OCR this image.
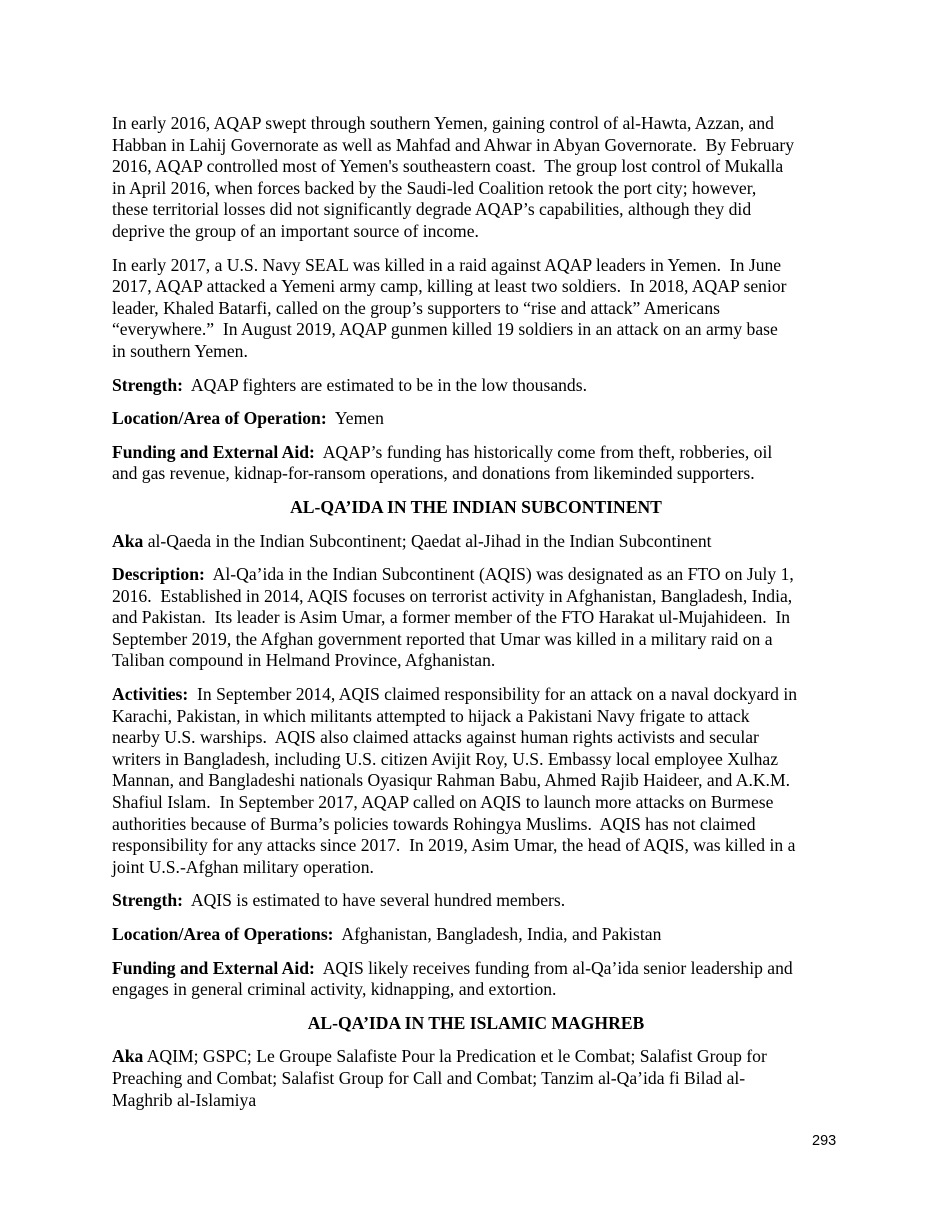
In early 2016, AQAP swept through southern Yemen, gaining control of al-Hawta, Azzan, and
Habban in Lahij Governorate as well as Mahfad and Ahwar in Abyan Governorate.  By February
2016, AQAP controlled most of Yemen's southeastern coast.  The group lost control of Mukalla
in April 2016, when forces backed by the Saudi-led Coalition retook the port city; however,
these territorial losses did not significantly degrade AQAP’s capabilities, although they did
deprive the group of an important source of income.

In early 2017, a U.S. Navy SEAL was killed in a raid against AQAP leaders in Yemen.  In June
2017, AQAP attacked a Yemeni army camp, killing at least two soldiers.  In 2018, AQAP senior
leader, Khaled Batarfi, called on the group’s supporters to “rise and attack” Americans
“everywhere.”  In August 2019, AQAP gunmen killed 19 soldiers in an attack on an army base
in southern Yemen.

Strength:  AQAP fighters are estimated to be in the low thousands.

Location/Area of Operation:  Yemen

Funding and External Aid:  AQAP’s funding has historically come from theft, robberies, oil
and gas revenue, kidnap-for-ransom operations, and donations from likeminded supporters.

AL-QA’IDA IN THE INDIAN SUBCONTINENT

Aka al-Qaeda in the Indian Subcontinent; Qaedat al-Jihad in the Indian Subcontinent

Description:  Al-Qa’ida in the Indian Subcontinent (AQIS) was designated as an FTO on July 1,
2016.  Established in 2014, AQIS focuses on terrorist activity in Afghanistan, Bangladesh, India,
and Pakistan.  Its leader is Asim Umar, a former member of the FTO Harakat ul-Mujahideen.  In
September 2019, the Afghan government reported that Umar was killed in a military raid on a
Taliban compound in Helmand Province, Afghanistan.

Activities:  In September 2014, AQIS claimed responsibility for an attack on a naval dockyard in
Karachi, Pakistan, in which militants attempted to hijack a Pakistani Navy frigate to attack
nearby U.S. warships.  AQIS also claimed attacks against human rights activists and secular
writers in Bangladesh, including U.S. citizen Avijit Roy, U.S. Embassy local employee Xulhaz
Mannan, and Bangladeshi nationals Oyasiqur Rahman Babu, Ahmed Rajib Haideer, and A.K.M.
Shafiul Islam.  In September 2017, AQAP called on AQIS to launch more attacks on Burmese
authorities because of Burma’s policies towards Rohingya Muslims.  AQIS has not claimed
responsibility for any attacks since 2017.  In 2019, Asim Umar, the head of AQIS, was killed in a
joint U.S.-Afghan military operation.

Strength:  AQIS is estimated to have several hundred members.

Location/Area of Operations:  Afghanistan, Bangladesh, India, and Pakistan

Funding and External Aid:  AQIS likely receives funding from al-Qa’ida senior leadership and
engages in general criminal activity, kidnapping, and extortion.

AL-QA’IDA IN THE ISLAMIC MAGHREB

Aka AQIM; GSPC; Le Groupe Salafiste Pour la Predication et le Combat; Salafist Group for
Preaching and Combat; Salafist Group for Call and Combat; Tanzim al-Qa’ida fi Bilad al-
Maghrib al-Islamiya

293
